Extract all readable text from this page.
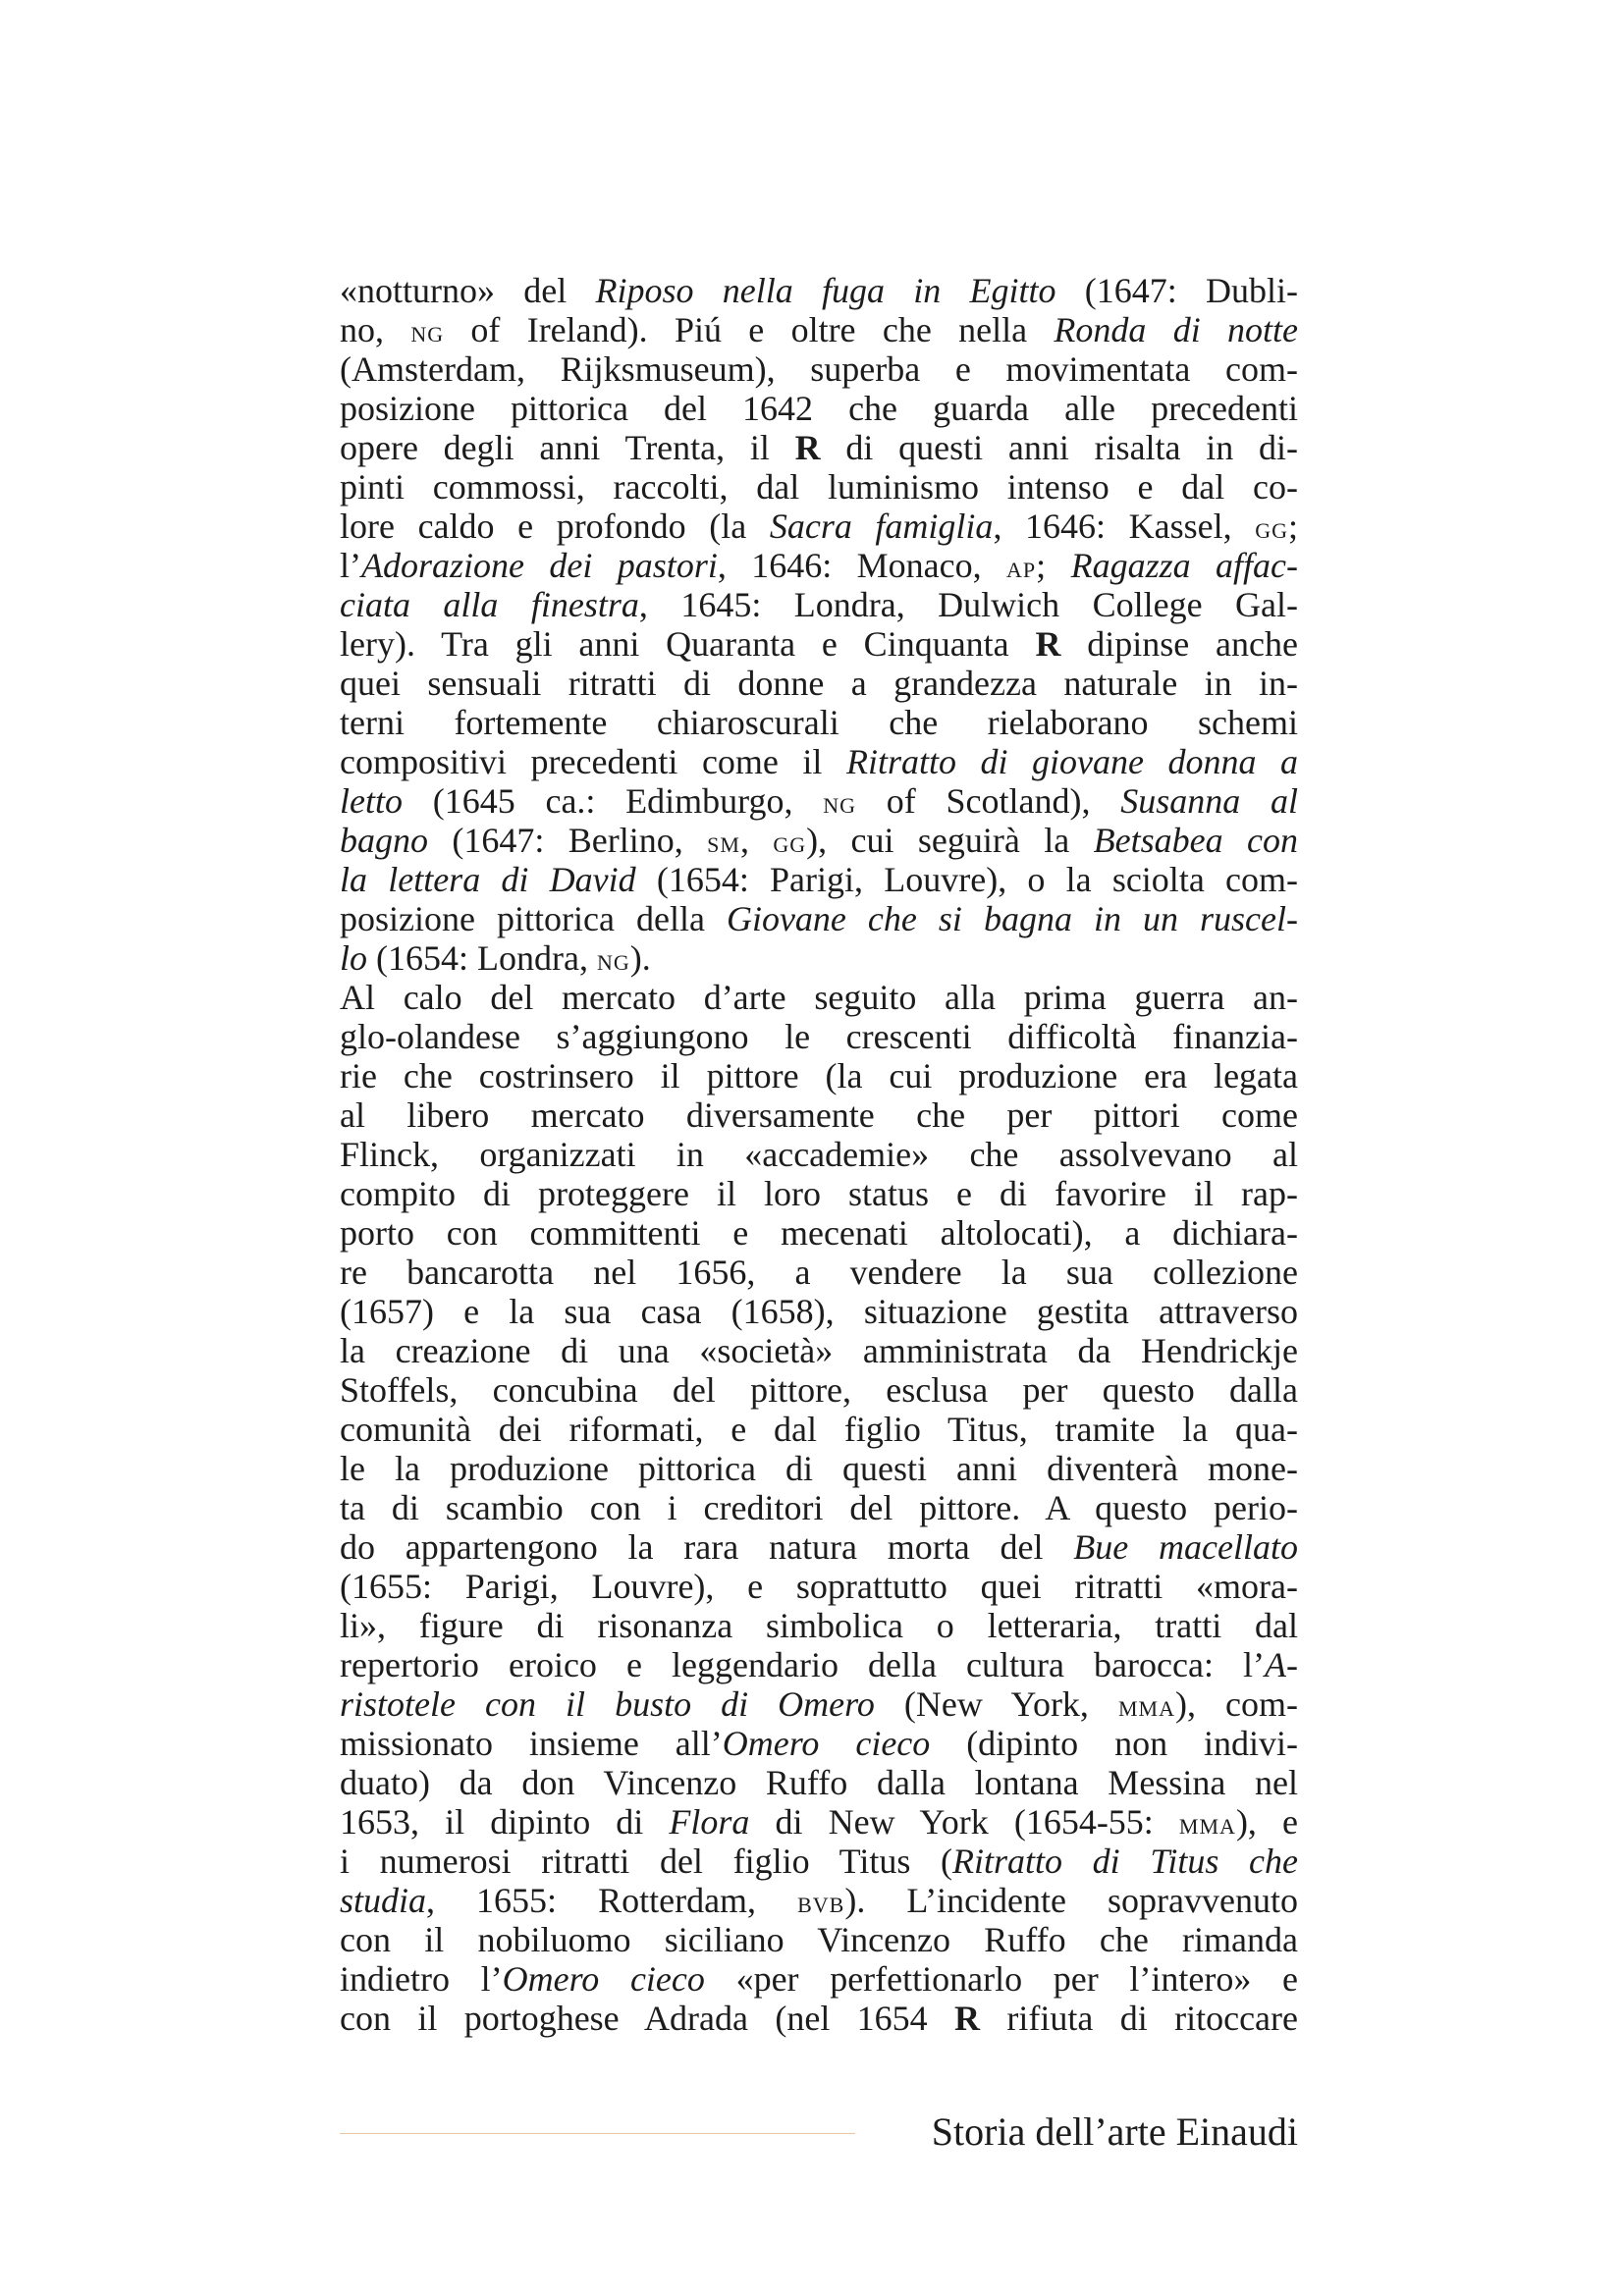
«notturno» del Riposo nella fuga in Egitto (1647: Dubli-
no, ng of Ireland). Piú e oltre che nella Ronda di notte
(Amsterdam, Rijksmuseum), superba e movimentata com-
posizione pittorica del 1642 che guarda alle precedenti
opere degli anni Trenta, il R di questi anni risalta in di-
pinti commossi, raccolti, dal luminismo intenso e dal co-
lore caldo e profondo (la Sacra famiglia, 1646: Kassel, gg;
l’Adorazione dei pastori, 1646: Monaco, ap; Ragazza affac-
ciata alla finestra, 1645: Londra, Dulwich College Gal-
lery). Tra gli anni Quaranta e Cinquanta R dipinse anche
quei sensuali ritratti di donne a grandezza naturale in in-
terni fortemente chiaroscurali che rielaborano schemi
compositivi precedenti come il Ritratto di giovane donna a
letto (1645 ca.: Edimburgo, ng of Scotland), Susanna al
bagno (1647: Berlino, sm, gg), cui seguirà la Betsabea con
la lettera di David (1654: Parigi, Louvre), o la sciolta com-
posizione pittorica della Giovane che si bagna in un ruscel-
lo (1654: Londra, ng).
Al calo del mercato d’arte seguito alla prima guerra an-
glo-olandese s’aggiungono le crescenti difficoltà finanzia-
rie che costrinsero il pittore (la cui produzione era legata
al libero mercato diversamente che per pittori come
Flinck, organizzati in «accademie» che assolvevano al
compito di proteggere il loro status e di favorire il rap-
porto con committenti e mecenati altolocati), a dichiara-
re bancarotta nel 1656, a vendere la sua collezione
(1657) e la sua casa (1658), situazione gestita attraverso
la creazione di una «società» amministrata da Hendrickje
Stoffels, concubina del pittore, esclusa per questo dalla
comunità dei riformati, e dal figlio Titus, tramite la qua-
le la produzione pittorica di questi anni diventerà mone-
ta di scambio con i creditori del pittore. A questo perio-
do appartengono la rara natura morta del Bue macellato
(1655: Parigi, Louvre), e soprattutto quei ritratti «mora-
li», figure di risonanza simbolica o letteraria, tratti dal
repertorio eroico e leggendario della cultura barocca: l’A-
ristotele con il busto di Omero (New York, mma), com-
missionato insieme all’Omero cieco (dipinto non indivi-
duato) da don Vincenzo Ruffo dalla lontana Messina nel
1653, il dipinto di Flora di New York (1654-55: mma), e
i numerosi ritratti del figlio Titus (Ritratto di Titus che
studia, 1655: Rotterdam, bvb). L’incidente sopravvenuto
con il nobiluomo siciliano Vincenzo Ruffo che rimanda
indietro l’Omero cieco «per perfettionarlo per l’intero» e
con il portoghese Adrada (nel 1654 R rifiuta di ritoccare
Storia dell’arte Einaudi
